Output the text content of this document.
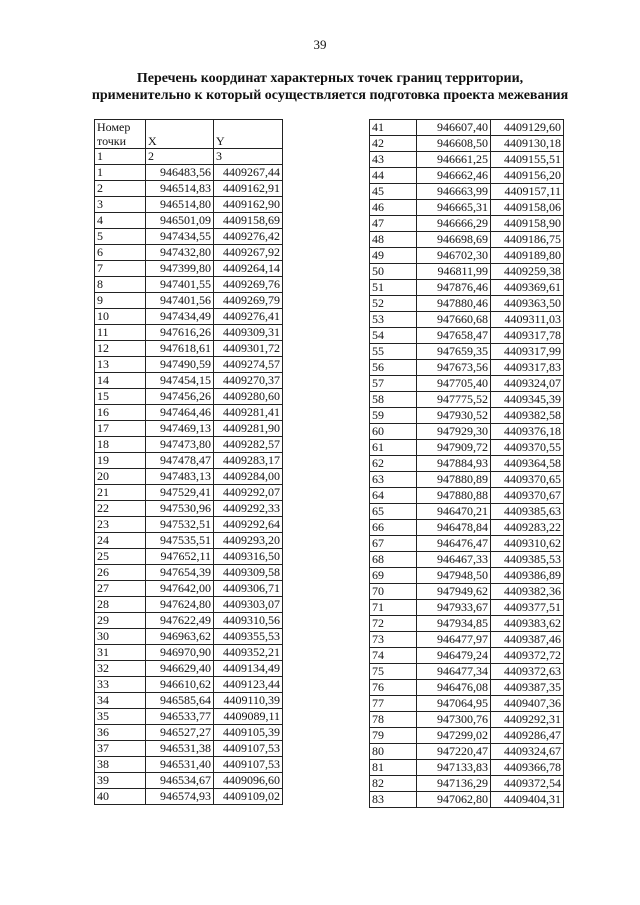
39
Перечень координат характерных точек границ территории,
применительно к который осуществляется подготовка проекта межевания
Номер
точки	X	Y
1	2	3
1	946483,56	4409267,44
2	946514,83	4409162,91
3	946514,80	4409162,90
4	946501,09	4409158,69
5	947434,55	4409276,42
6	947432,80	4409267,92
7	947399,80	4409264,14
8	947401,55	4409269,76
9	947401,56	4409269,79
10	947434,49	4409276,41
11	947616,26	4409309,31
12	947618,61	4409301,72
13	947490,59	4409274,57
14	947454,15	4409270,37
15	947456,26	4409280,60
16	947464,46	4409281,41
17	947469,13	4409281,90
18	947473,80	4409282,57
19	947478,47	4409283,17
20	947483,13	4409284,00
21	947529,41	4409292,07
22	947530,96	4409292,33
23	947532,51	4409292,64
24	947535,51	4409293,20
25	947652,11	4409316,50
26	947654,39	4409309,58
27	947642,00	4409306,71
28	947624,80	4409303,07
29	947622,49	4409310,56
30	946963,62	4409355,53
31	946970,90	4409352,21
32	946629,40	4409134,49
33	946610,62	4409123,44
34	946585,64	4409110,39
35	946533,77	4409089,11
36	946527,27	4409105,39
37	946531,38	4409107,53
38	946531,40	4409107,53
39	946534,67	4409096,60
40	946574,93	4409109,02
41	946607,40	4409129,60
42	946608,50	4409130,18
43	946661,25	4409155,51
44	946662,46	4409156,20
45	946663,99	4409157,11
46	946665,31	4409158,06
47	946666,29	4409158,90
48	946698,69	4409186,75
49	946702,30	4409189,80
50	946811,99	4409259,38
51	947876,46	4409369,61
52	947880,46	4409363,50
53	947660,68	4409311,03
54	947658,47	4409317,78
55	947659,35	4409317,99
56	947673,56	4409317,83
57	947705,40	4409324,07
58	947775,52	4409345,39
59	947930,52	4409382,58
60	947929,30	4409376,18
61	947909,72	4409370,55
62	947884,93	4409364,58
63	947880,89	4409370,65
64	947880,88	4409370,67
65	946470,21	4409385,63
66	946478,84	4409283,22
67	946476,47	4409310,62
68	946467,33	4409385,53
69	947948,50	4409386,89
70	947949,62	4409382,36
71	947933,67	4409377,51
72	947934,85	4409383,62
73	946477,97	4409387,46
74	946479,24	4409372,72
75	946477,34	4409372,63
76	946476,08	4409387,35
77	947064,95	4409407,36
78	947300,76	4409292,31
79	947299,02	4409286,47
80	947220,47	4409324,67
81	947133,83	4409366,78
82	947136,29	4409372,54
83	947062,80	4409404,31
